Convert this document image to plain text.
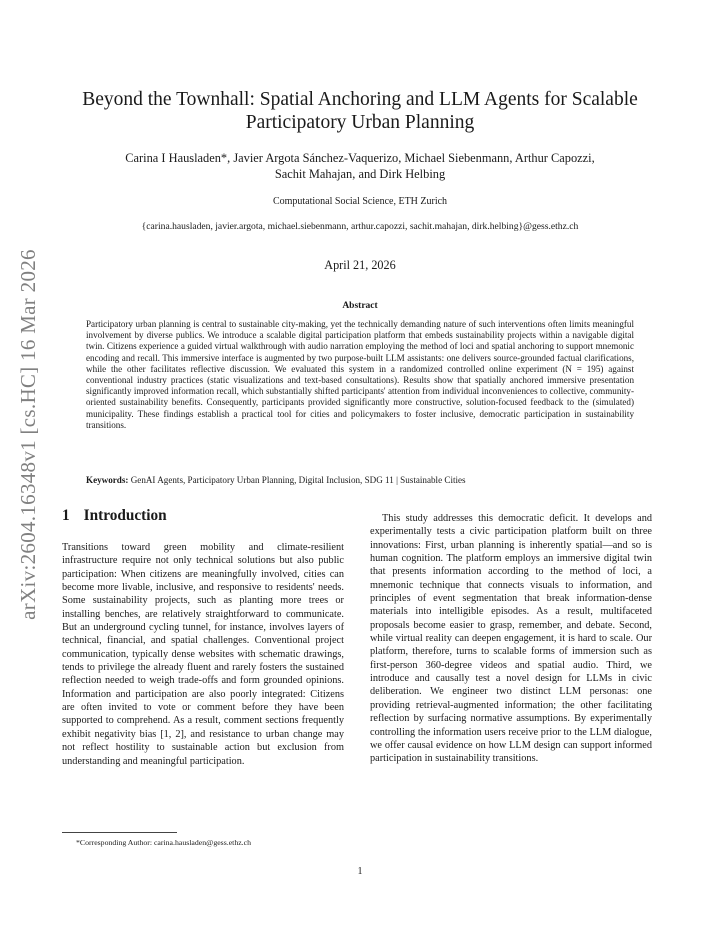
arXiv:2604.16348v1 [cs.HC] 16 Mar 2026
Beyond the Townhall: Spatial Anchoring and LLM Agents for Scalable
Participatory Urban Planning
Carina I Hausladen*, Javier Argota Sánchez-Vaquerizo, Michael Siebenmann, Arthur Capozzi,
Sachit Mahajan, and Dirk Helbing
Computational Social Science, ETH Zurich
{carina.hausladen, javier.argota, michael.siebenmann, arthur.capozzi, sachit.mahajan, dirk.helbing}@gess.ethz.ch
April 21, 2026
Abstract

Participatory urban planning is central to sustainable city-making, yet the technically demanding nature of such interventions often limits meaningful involvement by diverse publics. We introduce a scalable digital participation platform that embeds sustainability projects within a navigable digital twin. Citizens experience a guided virtual walkthrough with audio narration employing the method of loci and spatial anchoring to support mnemonic encoding and recall. This immersive interface is augmented by two purpose-built LLM assistants: one delivers source-grounded factual clarifications, while the other facilitates reflective discussion. We evaluated this system in a randomized controlled online experiment (N = 195) against conventional industry practices (static visualizations and text-based consultations). Results show that spatially anchored immersive presentation significantly improved information recall, which substantially shifted participants' attention from individual inconveniences to collective, community-oriented sustainability benefits. Consequently, participants provided significantly more constructive, solution-focused feedback to the (simulated) municipality. These findings establish a practical tool for cities and policymakers to foster inclusive, democratic participation in sustainability transitions.

Keywords: GenAI Agents, Participatory Urban Planning, Digital Inclusion, SDG 11 | Sustainable Cities

1 Introduction

Transitions toward green mobility and climate-resilient infrastructure require not only technical solutions but also public participation: When citizens are meaningfully involved, cities can become more livable, inclusive, and responsive to residents' needs. Some sustainability projects, such as planting more trees or installing benches, are relatively straightforward to communicate. But an underground cycling tunnel, for instance, involves layers of technical, financial, and spatial challenges. Conventional project communication, typically dense websites with schematic drawings, tends to privilege the already fluent and rarely fosters the sustained reflection needed to weigh trade-offs and form grounded opinions. Information and participation are also poorly integrated: Citizens are often invited to vote or comment before they have been supported to comprehend. As a result, comment sections frequently exhibit negativity bias [1, 2], and resistance to urban change may not reflect hostility to sustainable action but exclusion from understanding and meaningful participation.

This study addresses this democratic deficit. It develops and experimentally tests a civic participation platform built on three innovations: First, urban planning is inherently spatial—and so is human cognition. The platform employs an immersive digital twin that presents information according to the method of loci, a mnemonic technique that connects visuals to information, and principles of event segmentation that break information-dense materials into intelligible episodes. As a result, multifaceted proposals become easier to grasp, remember, and debate. Second, while virtual reality can deepen engagement, it is hard to scale. Our platform, therefore, turns to scalable forms of immersion such as first-person 360-degree videos and spatial audio. Third, we introduce and causally test a novel design for LLMs in civic deliberation. We engineer two distinct LLM personas: one providing retrieval-augmented information; the other facilitating reflection by surfacing normative assumptions. By experimentally controlling the information users receive prior to the LLM dialogue, we offer causal evidence on how LLM design can support informed participation in sustainability transitions.

*Corresponding Author: carina.hausladen@gess.ethz.ch
1
